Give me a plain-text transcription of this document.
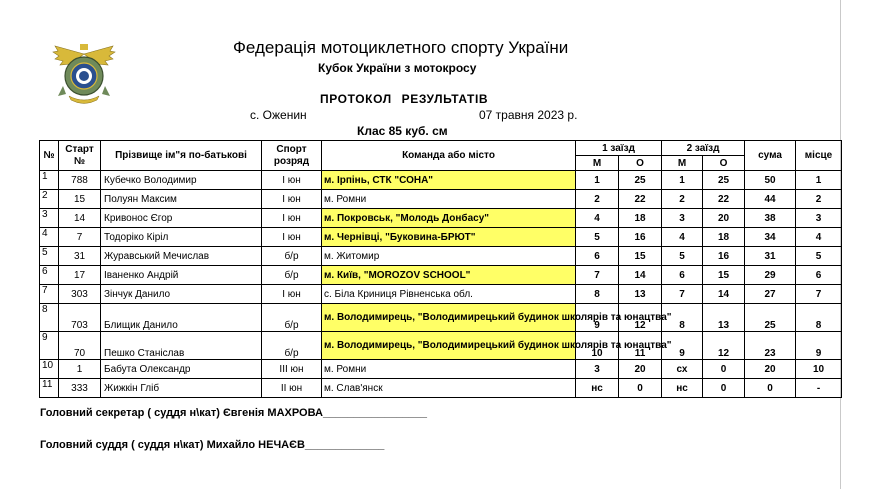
Федерація мотоциклетного спорту України
Кубок України з мотокросу
ПРОТОКОЛ РЕЗУЛЬТАТІВ
с. Оженин	07 травня 2023 р.
Клас 85 куб. см
№	Старт №	Прізвище ім"я по-батькові	Спорт розряд	Команда або місто	1 заїзд		2 заїзд		сума	місце
					М	О	М	О		
1	788	Кубечко Володимир	I юн	м. Ірпінь, СТК "СОНА"	1	25	1	25	50	1
2	15	Полуян Максим	I юн	м. Ромни	2	22	2	22	44	2
3	14	Кривонос Єгор	I юн	м. Покровськ, "Молодь Донбасу"	4	18	3	20	38	3
4	7	Тодоріко Кіріл	I юн	м. Чернівці, "Буковина-БРЮТ"	5	16	4	18	34	4
5	31	Журавський Мечислав	б/р	м. Житомир	6	15	5	16	31	5
6	17	Іваненко Андрій	б/р	м. Київ, "MOROZOV SCHOOL"	7	14	6	15	29	6
7	303	Зінчук Данило	I юн	с. Біла Криниця Рівненська обл.	8	13	7	14	27	7
8	703	Блищик Данило	б/р	м. Володимирець, "Володимирецький будинок школярів та юнацтва"	9	12	8	13	25	8
9	70	Пешко Станіслав	б/р	м. Володимирець, "Володимирецький будинок школярів та юнацтва"	10	11	9	12	23	9
10	1	Бабута Олександр	III юн	м. Ромни	3	20	сх	0	20	10
11	333	Жижкін Гліб	II юн	м. Слав'янск	нс	0	нс	0	0	-
Головний секретар ( суддя н\кат) Євгенія МАХРОВА_________________
Головний суддя ( суддя н\кат) Михайло НЕЧАЄВ_____________
